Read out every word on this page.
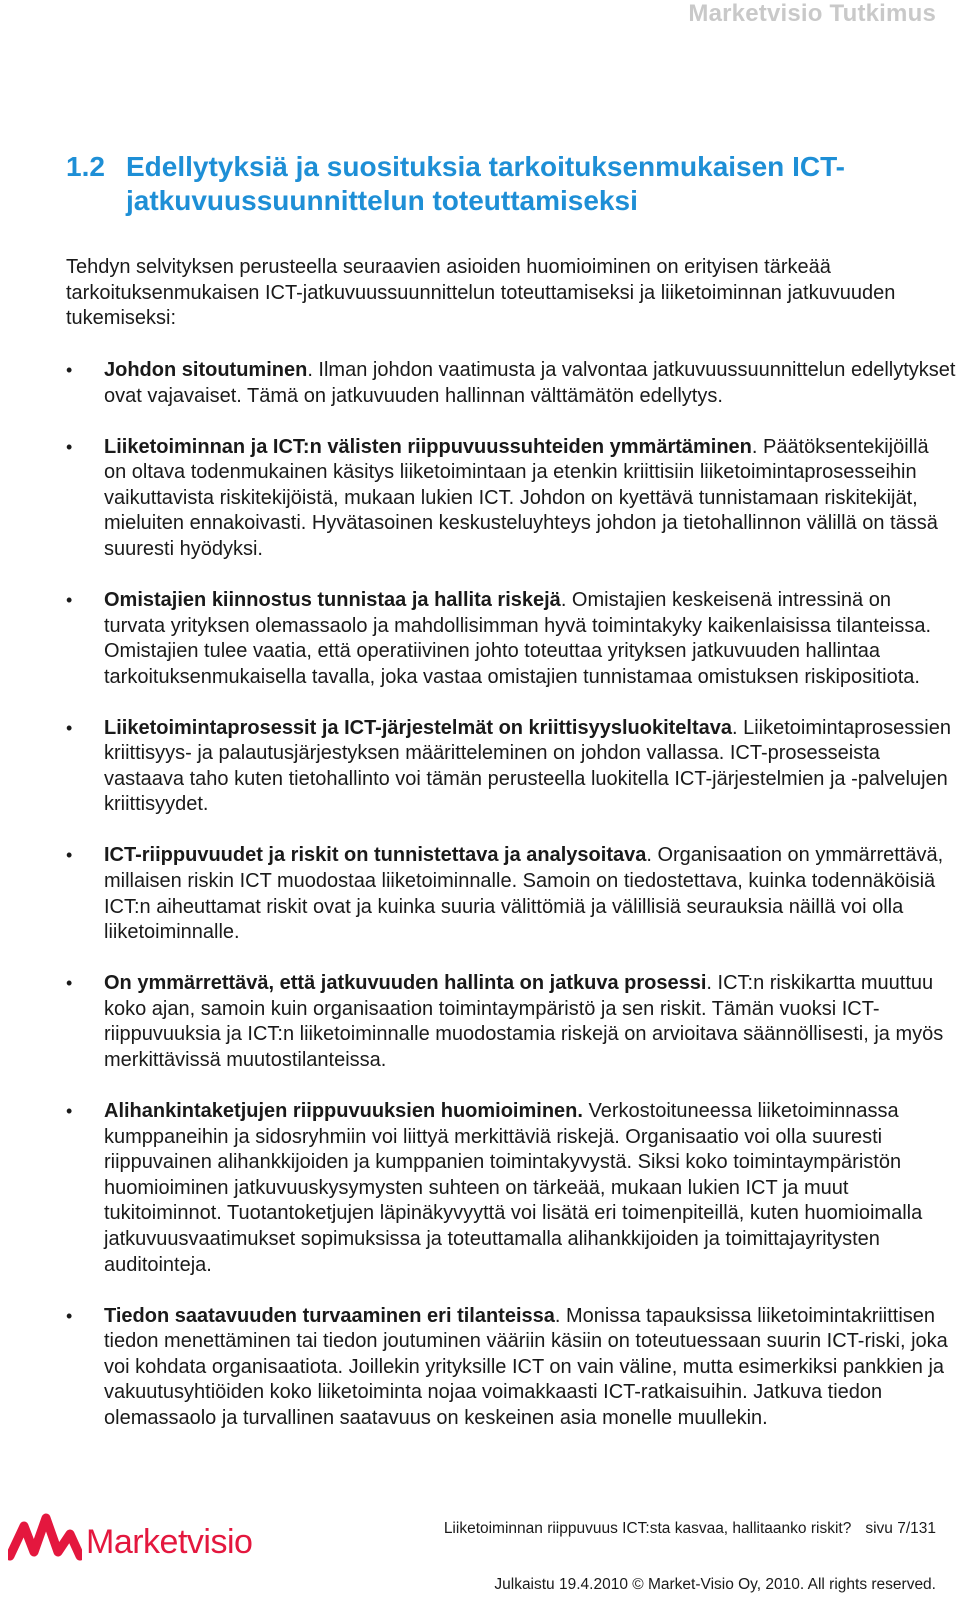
Marketvisio Tutkimus
1.2 Edellytyksiä ja suosituksia tarkoituksenmukaisen ICT-jatkuvuussuunnittelun toteuttamiseksi

Tehdyn selvityksen perusteella seuraavien asioiden huomioiminen on erityisen tärkeää tarkoituksenmukaisen ICT-jatkuvuussuunnittelun toteuttamiseksi ja liiketoiminnan jatkuvuuden tukemiseksi:

• Johdon sitoutuminen. Ilman johdon vaatimusta ja valvontaa jatkuvuussuunnittelun edellytykset ovat vajavaiset. Tämä on jatkuvuuden hallinnan välttämätön edellytys.
• Liiketoiminnan ja ICT:n välisten riippuvuussuhteiden ymmärtäminen. Päätöksentekijöillä on oltava todenmukainen käsitys liiketoimintaan ja etenkin kriittisiin liiketoimintaprosesseihin vaikuttavista riskitekijöistä, mukaan lukien ICT. Johdon on kyettävä tunnistamaan riskitekijät, mieluiten ennakoivasti. Hyvätasoinen keskusteluyhteys johdon ja tietohallinnon välillä on tässä suuresti hyödyksi.
• Omistajien kiinnostus tunnistaa ja hallita riskejä. Omistajien keskeisenä intressinä on turvata yrityksen olemassaolo ja mahdollisimman hyvä toimintakyky kaikenlaisissa tilanteissa. Omistajien tulee vaatia, että operatiivinen johto toteuttaa yrityksen jatkuvuuden hallintaa tarkoituksenmukaisella tavalla, joka vastaa omistajien tunnistamaa omistuksen riskipositiota.
• Liiketoimintaprosessit ja ICT-järjestelmät on kriittisyysluokiteltava. Liiketoimintaprosessien kriittisyys- ja palautusjärjestyksen määritteleminen on johdon vallassa. ICT-prosesseista vastaava taho kuten tietohallinto voi tämän perusteella luokitella ICT-järjestelmien ja -palvelujen kriittisyydet.
• ICT-riippuvuudet ja riskit on tunnistettava ja analysoitava. Organisaation on ymmärrettävä, millaisen riskin ICT muodostaa liiketoiminnalle. Samoin on tiedostettava, kuinka todennäköisiä ICT:n aiheuttamat riskit ovat ja kuinka suuria välittömiä ja välillisiä seurauksia näillä voi olla liiketoiminnalle.
• On ymmärrettävä, että jatkuvuuden hallinta on jatkuva prosessi. ICT:n riskikartta muuttuu koko ajan, samoin kuin organisaation toimintaympäristö ja sen riskit. Tämän vuoksi ICT-riippuvuuksia ja ICT:n liiketoiminnalle muodostamia riskejä on arvioitava säännöllisesti, ja myös merkittävissä muutostilanteissa.
• Alihankintaketjujen riippuvuuksien huomioiminen. Verkostoituneessa liiketoiminnassa kumppaneihin ja sidosryhmiin voi liittyä merkittäviä riskejä. Organisaatio voi olla suuresti riippuvainen alihankkijoiden ja kumppanien toimintakyvystä. Siksi koko toimintaympäristön huomioiminen jatkuvuuskysymysten suhteen on tärkeää, mukaan lukien ICT ja muut tukitoiminnot. Tuotantoketjujen läpinäkyvyyttä voi lisätä eri toimenpiteillä, kuten huomioimalla jatkuvuusvaatimukset sopimuksissa ja toteuttamalla alihankkijoiden ja toimittajayritysten auditointeja.
• Tiedon saatavuuden turvaaminen eri tilanteissa. Monissa tapauksissa liiketoimintakriittisen tiedon menettäminen tai tiedon joutuminen vääriin käsiin on toteutuessaan suurin ICT-riski, joka voi kohdata organisaatiota. Joillekin yrityksille ICT on vain väline, mutta esimerkiksi pankkien ja vakuutusyhtiöiden koko liiketoiminta nojaa voimakkaasti ICT-ratkaisuihin. Jatkuva tiedon olemassaolo ja turvallinen saatavuus on keskeinen asia monelle muullekin.
Marketvisio	Liiketoiminnan riippuvuus ICT:sta kasvaa, hallitaanko riskit? sivu 7/131
Julkaistu 19.4.2010 © Market-Visio Oy, 2010. All rights reserved.
